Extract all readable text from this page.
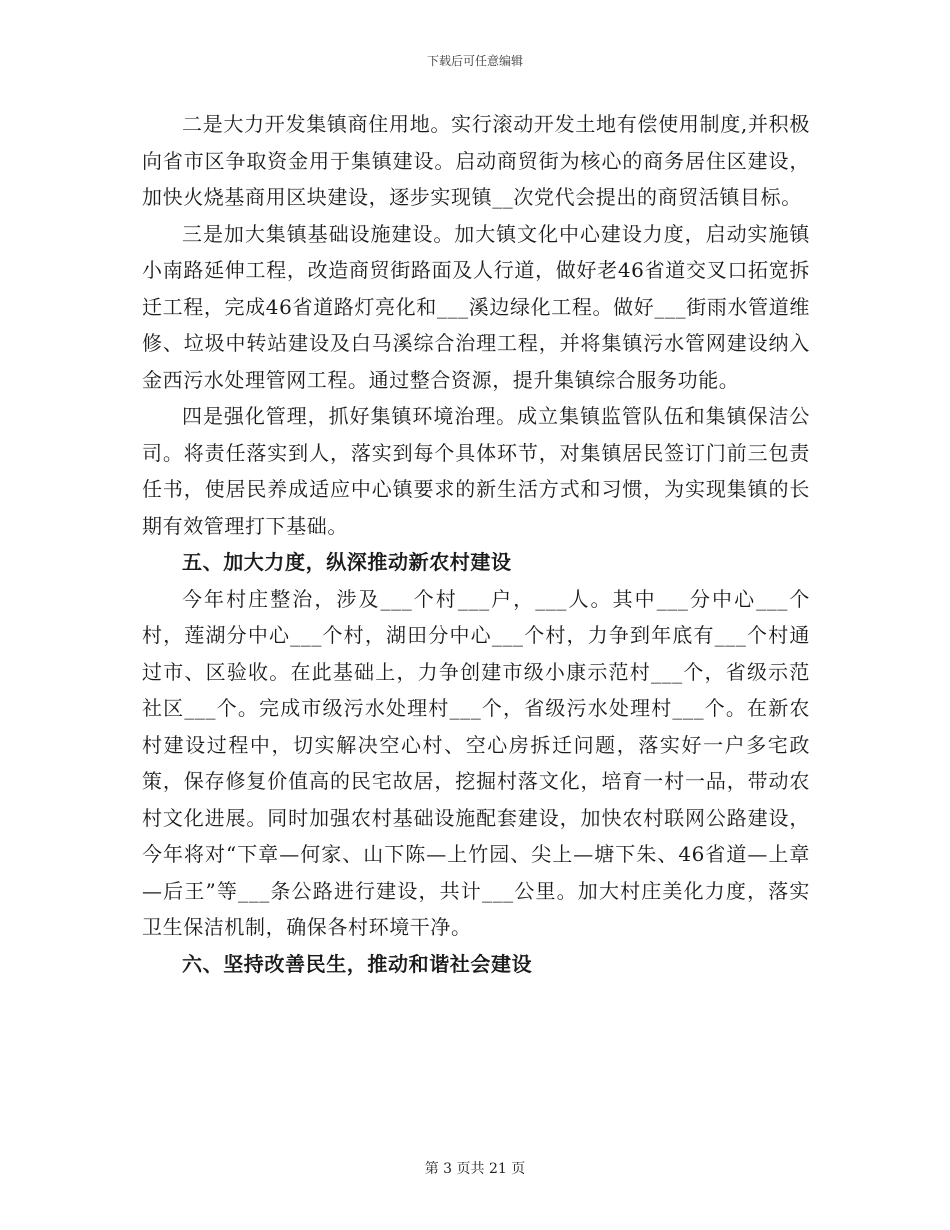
下载后可任意编辑

二是大力开发集镇商住用地。实行滚动开发土地有偿使用制度,并积极向省市区争取资金用于集镇建设。启动商贸街为核心的商务居住区建设，加快火烧基商用区块建设，逐步实现镇__次党代会提出的商贸活镇目标。

三是加大集镇基础设施建设。加大镇文化中心建设力度，启动实施镇小南路延伸工程，改造商贸街路面及人行道，做好老46省道交叉口拓宽拆迁工程，完成46省道路灯亮化和___溪边绿化工程。做好___街雨水管道维修、垃圾中转站建设及白马溪综合治理工程，并将集镇污水管网建设纳入金西污水处理管网工程。通过整合资源，提升集镇综合服务功能。

四是强化管理，抓好集镇环境治理。成立集镇监管队伍和集镇保洁公司。将责任落实到人，落实到每个具体环节，对集镇居民签订门前三包责任书，使居民养成适应中心镇要求的新生活方式和习惯，为实现集镇的长期有效管理打下基础。

五、加大力度，纵深推动新农村建设

今年村庄整治，涉及___个村___户，___人。其中___分中心___个村，莲湖分中心___个村，湖田分中心___个村，力争到年底有___个村通过市、区验收。在此基础上，力争创建市级小康示范村___个，省级示范社区___个。完成市级污水处理村___个，省级污水处理村___个。在新农村建设过程中，切实解决空心村、空心房拆迁问题，落实好一户多宅政策，保存修复价值高的民宅故居，挖掘村落文化，培育一村一品，带动农村文化进展。同时加强农村基础设施配套建设，加快农村联网公路建设，今年将对“下章—何家、山下陈—上竹园、尖上—塘下朱、46省道—上章—后王”等___条公路进行建设，共计___公里。加大村庄美化力度，落实卫生保洁机制，确保各村环境干净。

六、坚持改善民生，推动和谐社会建设

第 3 页共 21 页
